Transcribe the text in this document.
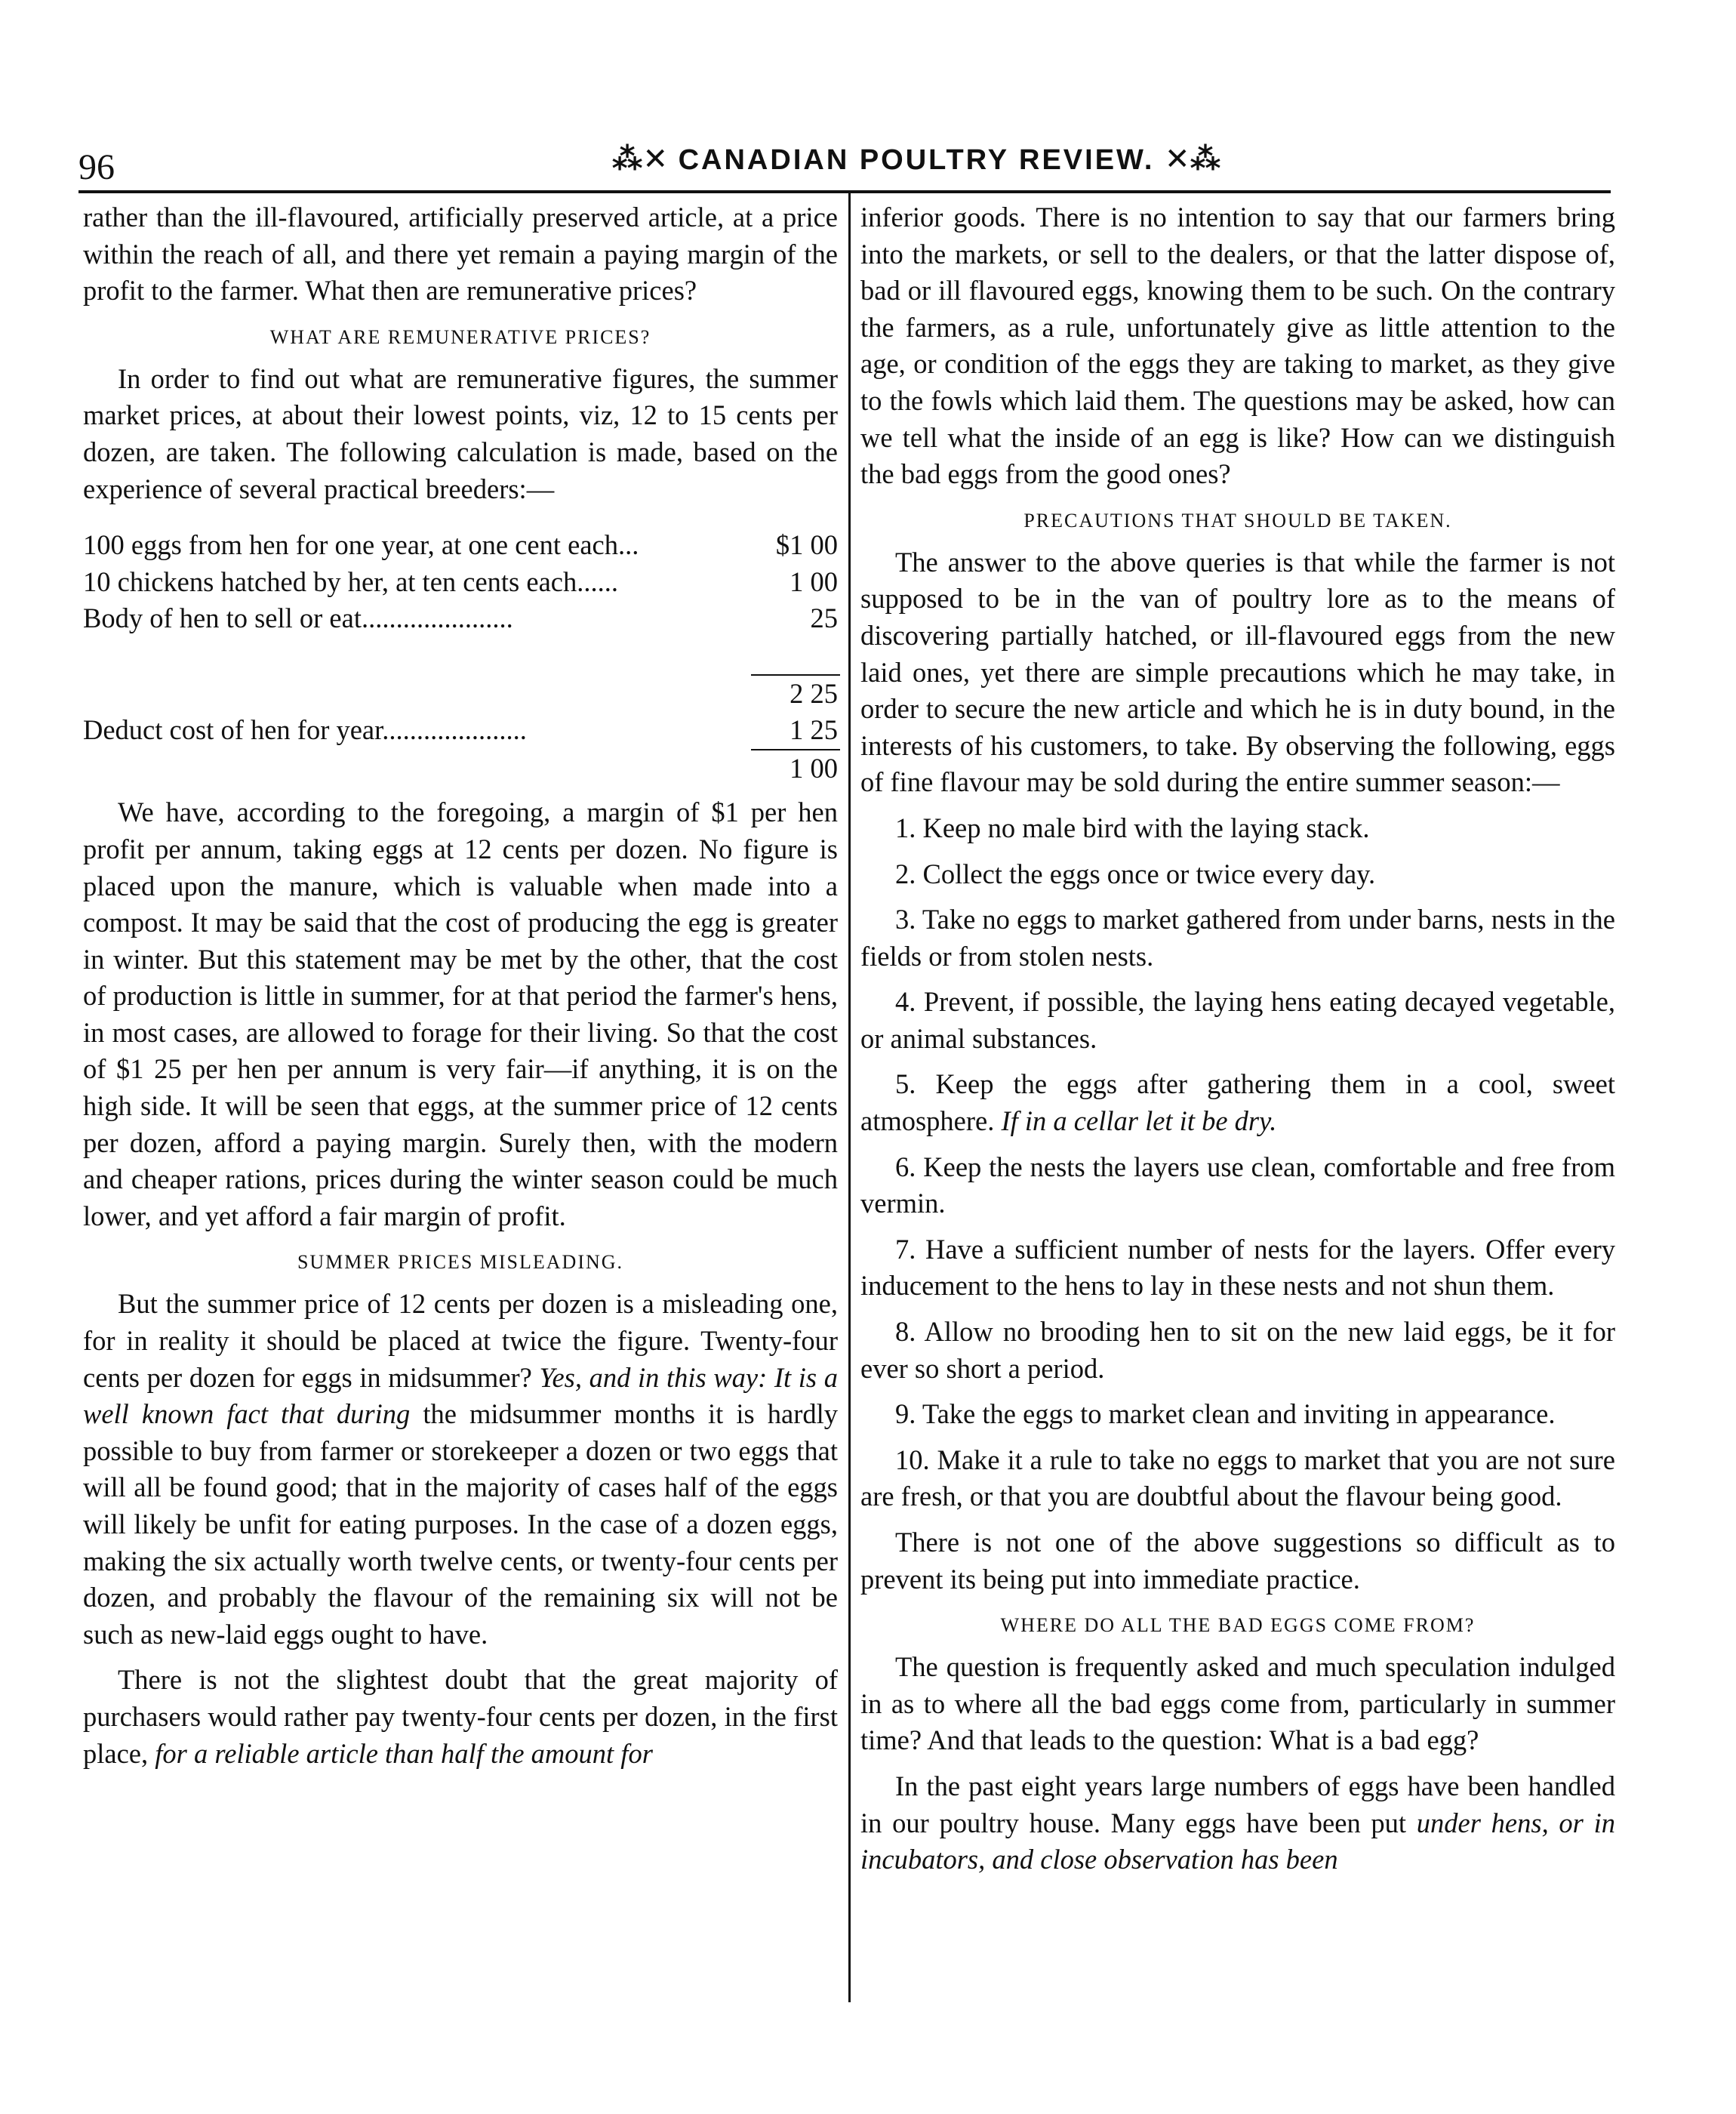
96	⁂✕ CANADIAN POULTRY REVIEW. ✕⁂

rather than the ill-flavoured, artificially preserved article, at a price within the reach of all, and there yet remain a paying margin of the profit to the farmer. What then are remunerative prices?

WHAT ARE REMUNERATIVE PRICES?

In order to find out what are remunerative figures, the summer market prices, at about their lowest points, viz, 12 to 15 cents per dozen, are taken. The following calculation is made, based on the experience of several practical breeders:—

100 eggs from hen for one year, at one cent each...	$1 00
10 chickens hatched by her, at ten cents each......	1 00
Body of hen to sell or eat......................	25
2 25
Deduct cost of hen for year.....................	1 25
1 00

We have, according to the foregoing, a margin of $1 per hen profit per annum, taking eggs at 12 cents per dozen. No figure is placed upon the manure, which is valuable when made into a compost. It may be said that the cost of producing the egg is greater in winter. But this statement may be met by the other, that the cost of production is little in summer, for at that period the farmer's hens, in most cases, are allowed to forage for their living. So that the cost of $1 25 per hen per annum is very fair—if anything, it is on the high side. It will be seen that eggs, at the summer price of 12 cents per dozen, afford a paying margin. Surely then, with the modern and cheaper rations, prices during the winter season could be much lower, and yet afford a fair margin of profit.

SUMMER PRICES MISLEADING.

But the summer price of 12 cents per dozen is a misleading one, for in reality it should be placed at twice the figure. Twenty-four cents per dozen for eggs in midsummer? Yes, and in this way: It is a well known fact that during the midsummer months it is hardly possible to buy from farmer or storekeeper a dozen or two eggs that will all be found good; that in the majority of cases half of the eggs will likely be unfit for eating purposes. In the case of a dozen eggs, making the six actually worth twelve cents, or twenty-four cents per dozen, and probably the flavour of the remaining six will not be such as new-laid eggs ought to have.

There is not the slightest doubt that the great majority of purchasers would rather pay twenty-four cents per dozen, in the first place, for a reliable article than half the amount for

inferior goods. There is no intention to say that our farmers bring into the markets, or sell to the dealers, or that the latter dispose of, bad or ill flavoured eggs, knowing them to be such. On the contrary the farmers, as a rule, unfortunately give as little attention to the age, or condition of the eggs they are taking to market, as they give to the fowls which laid them. The questions may be asked, how can we tell what the inside of an egg is like? How can we distinguish the bad eggs from the good ones?

PRECAUTIONS THAT SHOULD BE TAKEN.

The answer to the above queries is that while the farmer is not supposed to be in the van of poultry lore as to the means of discovering partially hatched, or ill-flavoured eggs from the new laid ones, yet there are simple precautions which he may take, in order to secure the new article and which he is in duty bound, in the interests of his customers, to take. By observing the following, eggs of fine flavour may be sold during the entire summer season:—

1. Keep no male bird with the laying stack.

2. Collect the eggs once or twice every day.

3. Take no eggs to market gathered from under barns, nests in the fields or from stolen nests.

4. Prevent, if possible, the laying hens eating decayed vegetable, or animal substances.

5. Keep the eggs after gathering them in a cool, sweet atmosphere. If in a cellar let it be dry.

6. Keep the nests the layers use clean, comfortable and free from vermin.

7. Have a sufficient number of nests for the layers. Offer every inducement to the hens to lay in these nests and not shun them.

8. Allow no brooding hen to sit on the new laid eggs, be it for ever so short a period.

9. Take the eggs to market clean and inviting in appearance.

10. Make it a rule to take no eggs to market that you are not sure are fresh, or that you are doubtful about the flavour being good.

There is not one of the above suggestions so difficult as to prevent its being put into immediate practice.

WHERE DO ALL THE BAD EGGS COME FROM?

The question is frequently asked and much speculation indulged in as to where all the bad eggs come from, particularly in summer time? And that leads to the question: What is a bad egg?

In the past eight years large numbers of eggs have been handled in our poultry house. Many eggs have been put under hens, or in incubators, and close observation has been
